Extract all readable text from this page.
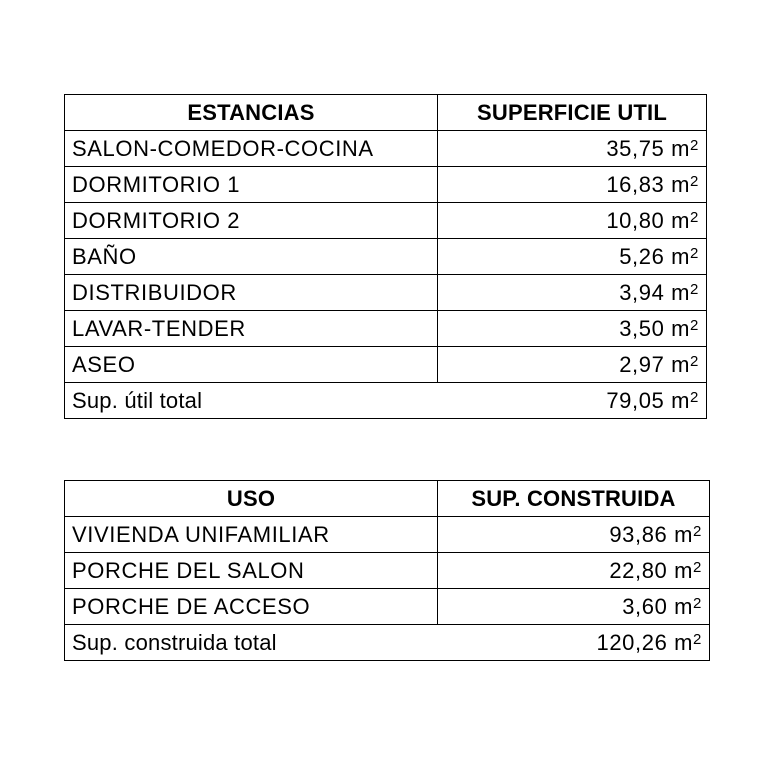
ESTANCIAS	SUPERFICIE UTIL
SALON-COMEDOR-COCINA	35,75 $m^2$
DORMITORIO 1	16,83 $m^2$
DORMITORIO 2	10,80 $m^2$
BAÑO	5,26 $m^2$
DISTRIBUIDOR	3,94 $m^2$
LAVAR-TENDER	3,50 $m^2$
ASEO	2,97 $m^2$
Sup. útil total 79,05 $m^2$
USO	SUP. CONSTRUIDA
VIVIENDA UNIFAMILIAR	93,86 $m^2$
PORCHE DEL SALON	22,80 $m^2$
PORCHE DE ACCESO	3,60 $m^2$
Sup. construida total 120,26 $m^2$
